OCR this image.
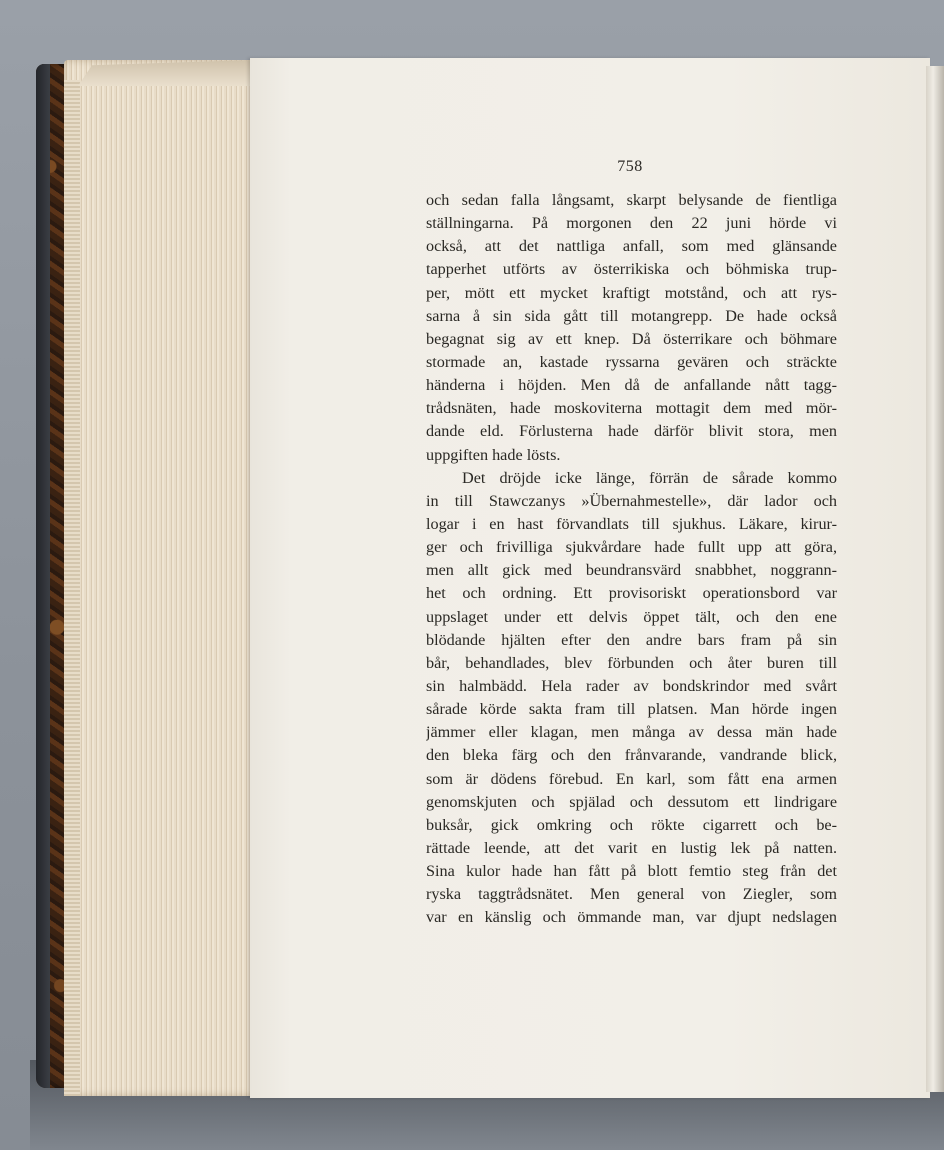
758
och sedan falla långsamt, skarpt belysande de fientliga
ställningarna. På morgonen den 22 juni hörde vi
också, att det nattliga anfall, som med glänsande
tapperhet utförts av österrikiska och böhmiska trup-
per, mött ett mycket kraftigt motstånd, och att rys-
sarna å sin sida gått till motangrepp. De hade också
begagnat sig av ett knep. Då österrikare och böhmare
stormade an, kastade ryssarna gevären och sträckte
händerna i höjden. Men då de anfallande nått tagg-
trådsnäten, hade moskoviterna mottagit dem med mör-
dande eld. Förlusterna hade därför blivit stora, men
uppgiften hade lösts.
Det dröjde icke länge, förrän de sårade kommo
in till Stawczanys »Übernahmestelle», där lador och
logar i en hast förvandlats till sjukhus. Läkare, kirur-
ger och frivilliga sjukvårdare hade fullt upp att göra,
men allt gick med beundransvärd snabbhet, noggrann-
het och ordning. Ett provisoriskt operationsbord var
uppslaget under ett delvis öppet tält, och den ene
blödande hjälten efter den andre bars fram på sin
bår, behandlades, blev förbunden och åter buren till
sin halmbädd. Hela rader av bondskrindor med svårt
sårade körde sakta fram till platsen. Man hörde ingen
jämmer eller klagan, men många av dessa män hade
den bleka färg och den frånvarande, vandrande blick,
som är dödens förebud. En karl, som fått ena armen
genomskjuten och spjälad och dessutom ett lindrigare
buksår, gick omkring och rökte cigarrett och be-
rättade leende, att det varit en lustig lek på natten.
Sina kulor hade han fått på blott femtio steg från det
ryska taggtrådsnätet. Men general von Ziegler, som
var en känslig och ömmande man, var djupt nedslagen
